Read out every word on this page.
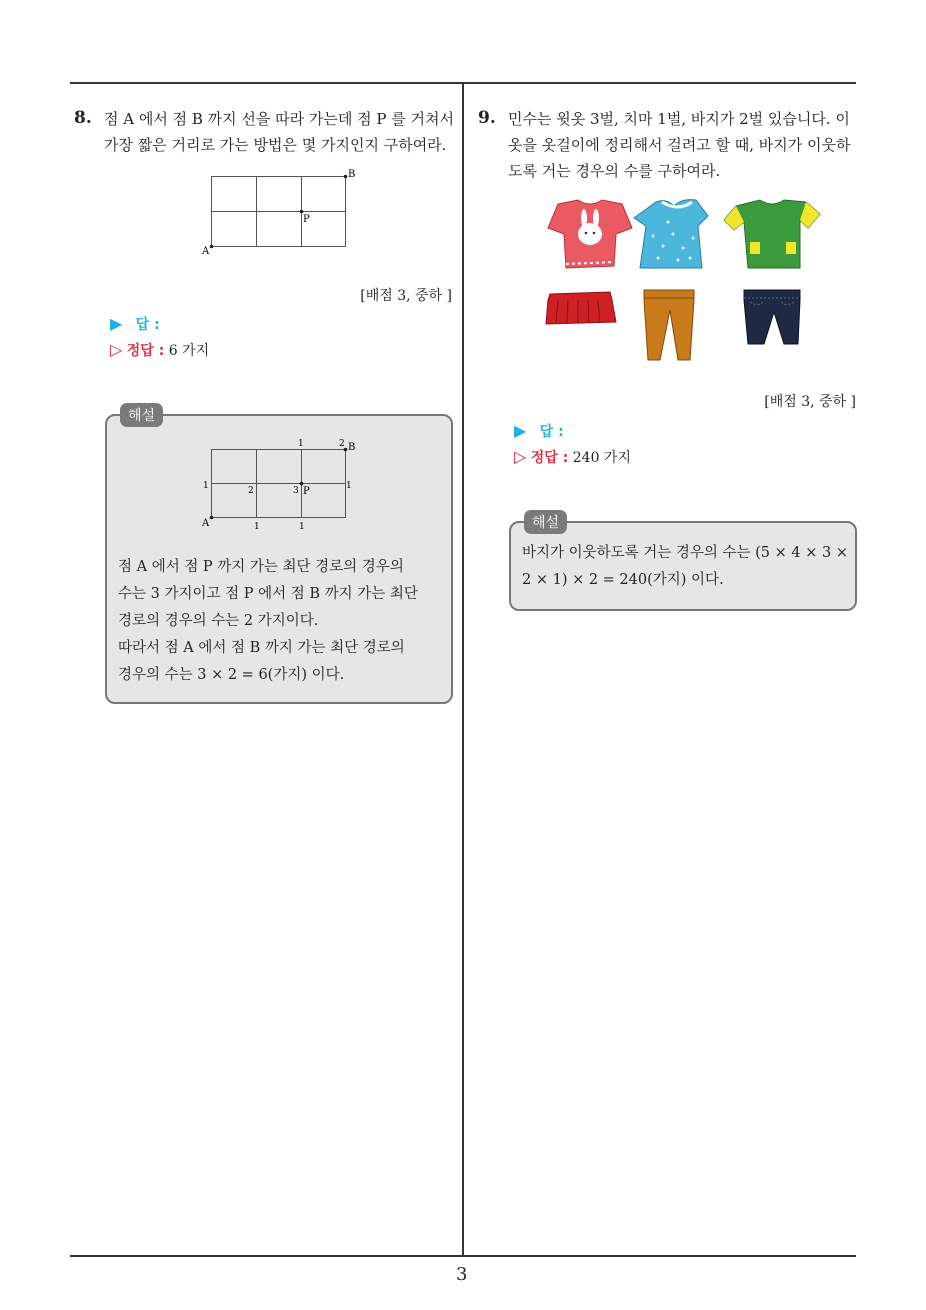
3
8. 점 A 에서 점 B 까지 선을 따라 가는데 점 P 를 거쳐서
가장 짧은 거리로 가는 방법은 몇 가지인지 구하여라.
A
B
P
[배점 3, 중하 ]
▶ 답 :
▷ 정답 : 6 가지
해설
A
B
P
1	2
1	2	3	1
1	1
점 A 에서 점 P 까지 가는 최단 경로의 경우의
수는 3 가지이고 점 P 에서 점 B 까지 가는 최단
경로의 경우의 수는 2 가지이다.
따라서 점 A 에서 점 B 까지 가는 최단 경로의
경우의 수는 3 × 2 = 6(가지) 이다.
9. 민수는 윗옷 3벌, 치마 1벌, 바지가 2벌 있습니다. 이
옷을 옷걸이에 정리해서 걸려고 할 때, 바지가 이웃하
도록 거는 경우의 수를 구하여라.
[배점 3, 중하 ]
▶ 답 :
▷ 정답 : 240 가지
해설
바지가 이웃하도록 거는 경우의 수는 (5 × 4 × 3 ×
2 × 1) × 2 = 240(가지) 이다.
